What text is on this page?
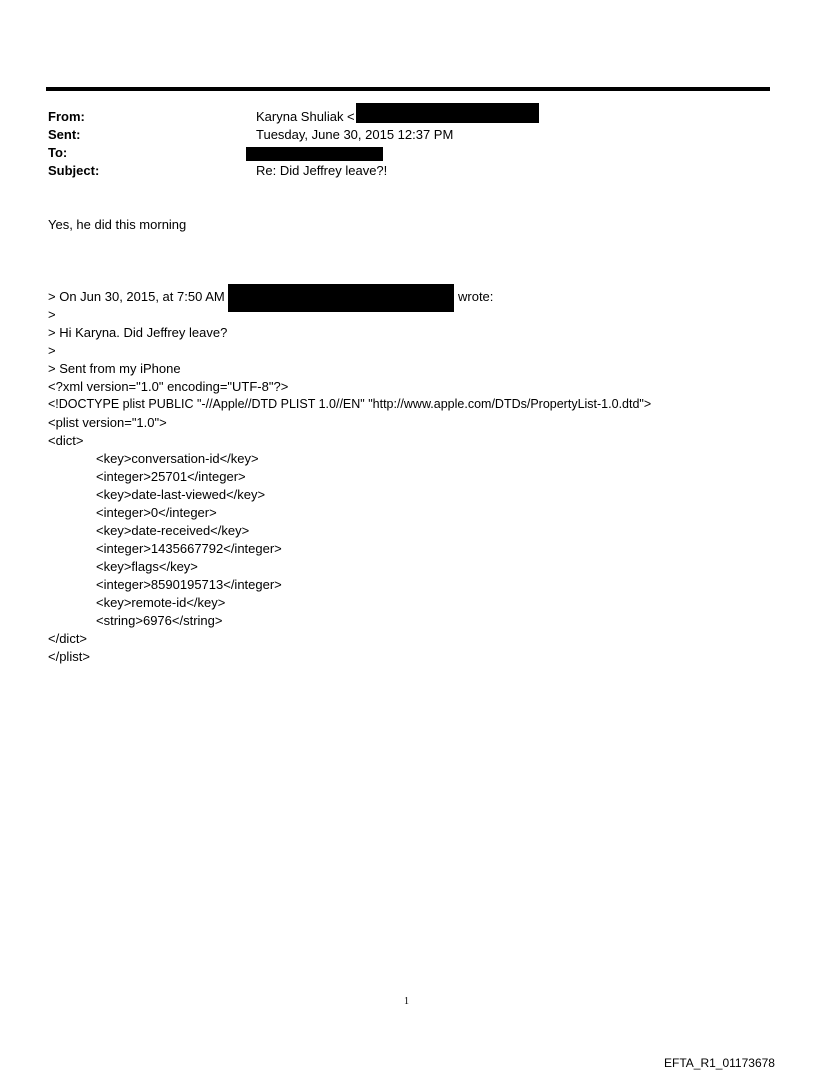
From:	Karyna Shuliak <
Sent:	Tuesday, June 30, 2015 12:37 PM
To:
Subject:	Re: Did Jeffrey leave?!
Yes, he did this morning
> On Jun 30, 2015, at 7:50 AM	wrote:
>
> Hi Karyna. Did Jeffrey leave?
>
> Sent from my iPhone
<?xml version="1.0" encoding="UTF-8"?>
<!DOCTYPE plist PUBLIC "-//Apple//DTD PLIST 1.0//EN" "http://www.apple.com/DTDs/PropertyList-1.0.dtd">
<plist version="1.0">
<dict>
<key>conversation-id</key>
<integer>25701</integer>
<key>date-last-viewed</key>
<integer>0</integer>
<key>date-received</key>
<integer>1435667792</integer>
<key>flags</key>
<integer>8590195713</integer>
<key>remote-id</key>
<string>6976</string>
</dict>
</plist>
1
EFTA_R1_01173678
